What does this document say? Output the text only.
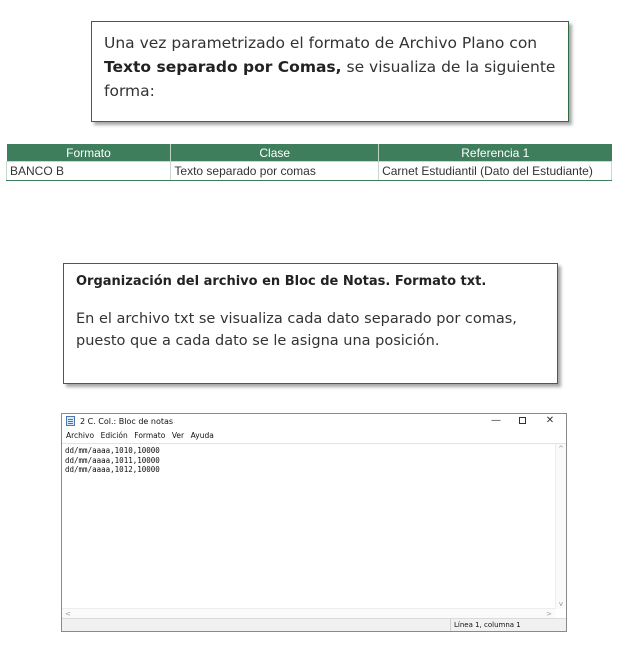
Una vez parametrizado el formato de Archivo Plano con Texto separado por Comas, se visualiza de la siguiente forma:
Formato	Clase	Referencia 1
BANCO B	Texto separado por comas	Carnet Estudiantil (Dato del Estudiante)
Organización del archivo en Bloc de Notas. Formato txt.
En el archivo txt se visualiza cada dato separado por comas, puesto que a cada dato se le asigna una posición.
2 C. Col.: Bloc de notas	—	✕
Archivo Edición Formato Ver Ayuda
dd/mm/aaaa,1010,10000
dd/mm/aaaa,1011,10000
dd/mm/aaaa,1012,10000
^
v
<	>
Línea 1, columna 1
